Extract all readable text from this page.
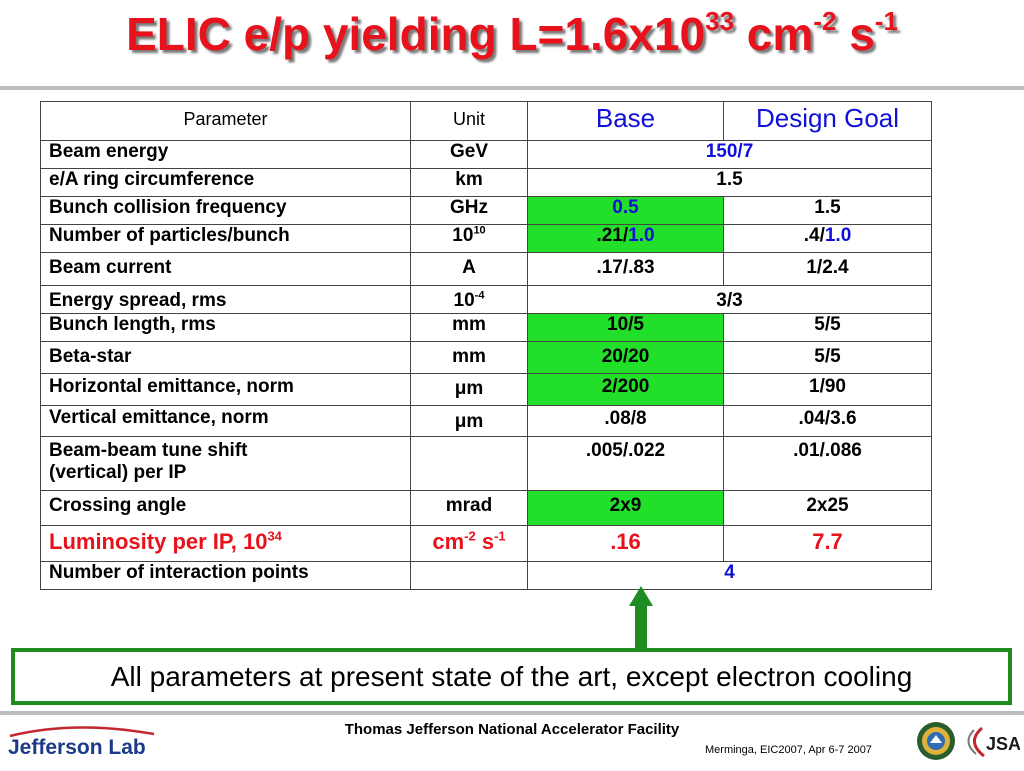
ELIC e/p yielding $L=1.6x10^{33}$ $cm^{-2}$ $s^{-1}$
Parameter	Unit	Base	Design Goal
Beam energy	GeV	150/7	
e/A ring circumference	km	1.5	
Bunch collision frequency	GHz	0.5	1.5
Number of particles/bunch	$10^{10}$	.21/1.0	.4/1.0
Beam current	A	.17/.83	1/2.4
Energy spread, rms	$10^{-4}$	3/3	
Bunch length, rms	mm	10/5	5/5
Beta-star	mm	20/20	5/5
Horizontal emittance, norm	μm	2/200	1/90
Vertical emittance, norm	μm	.08/8	.04/3.6
Beam-beam tune shift
(vertical) per IP		.005/.022	.01/.086
Crossing angle	mrad	2x9	2x25
Luminosity per IP, $10^{34}$	$cm^{-2}$ $s^{-1}$	.16	7.7
Number of interaction points		4	
All parameters at present state of the art, except electron cooling
Jefferson Lab
Thomas Jefferson National Accelerator Facility
Merminga, EIC2007, Apr 6-7 2007	JSA
